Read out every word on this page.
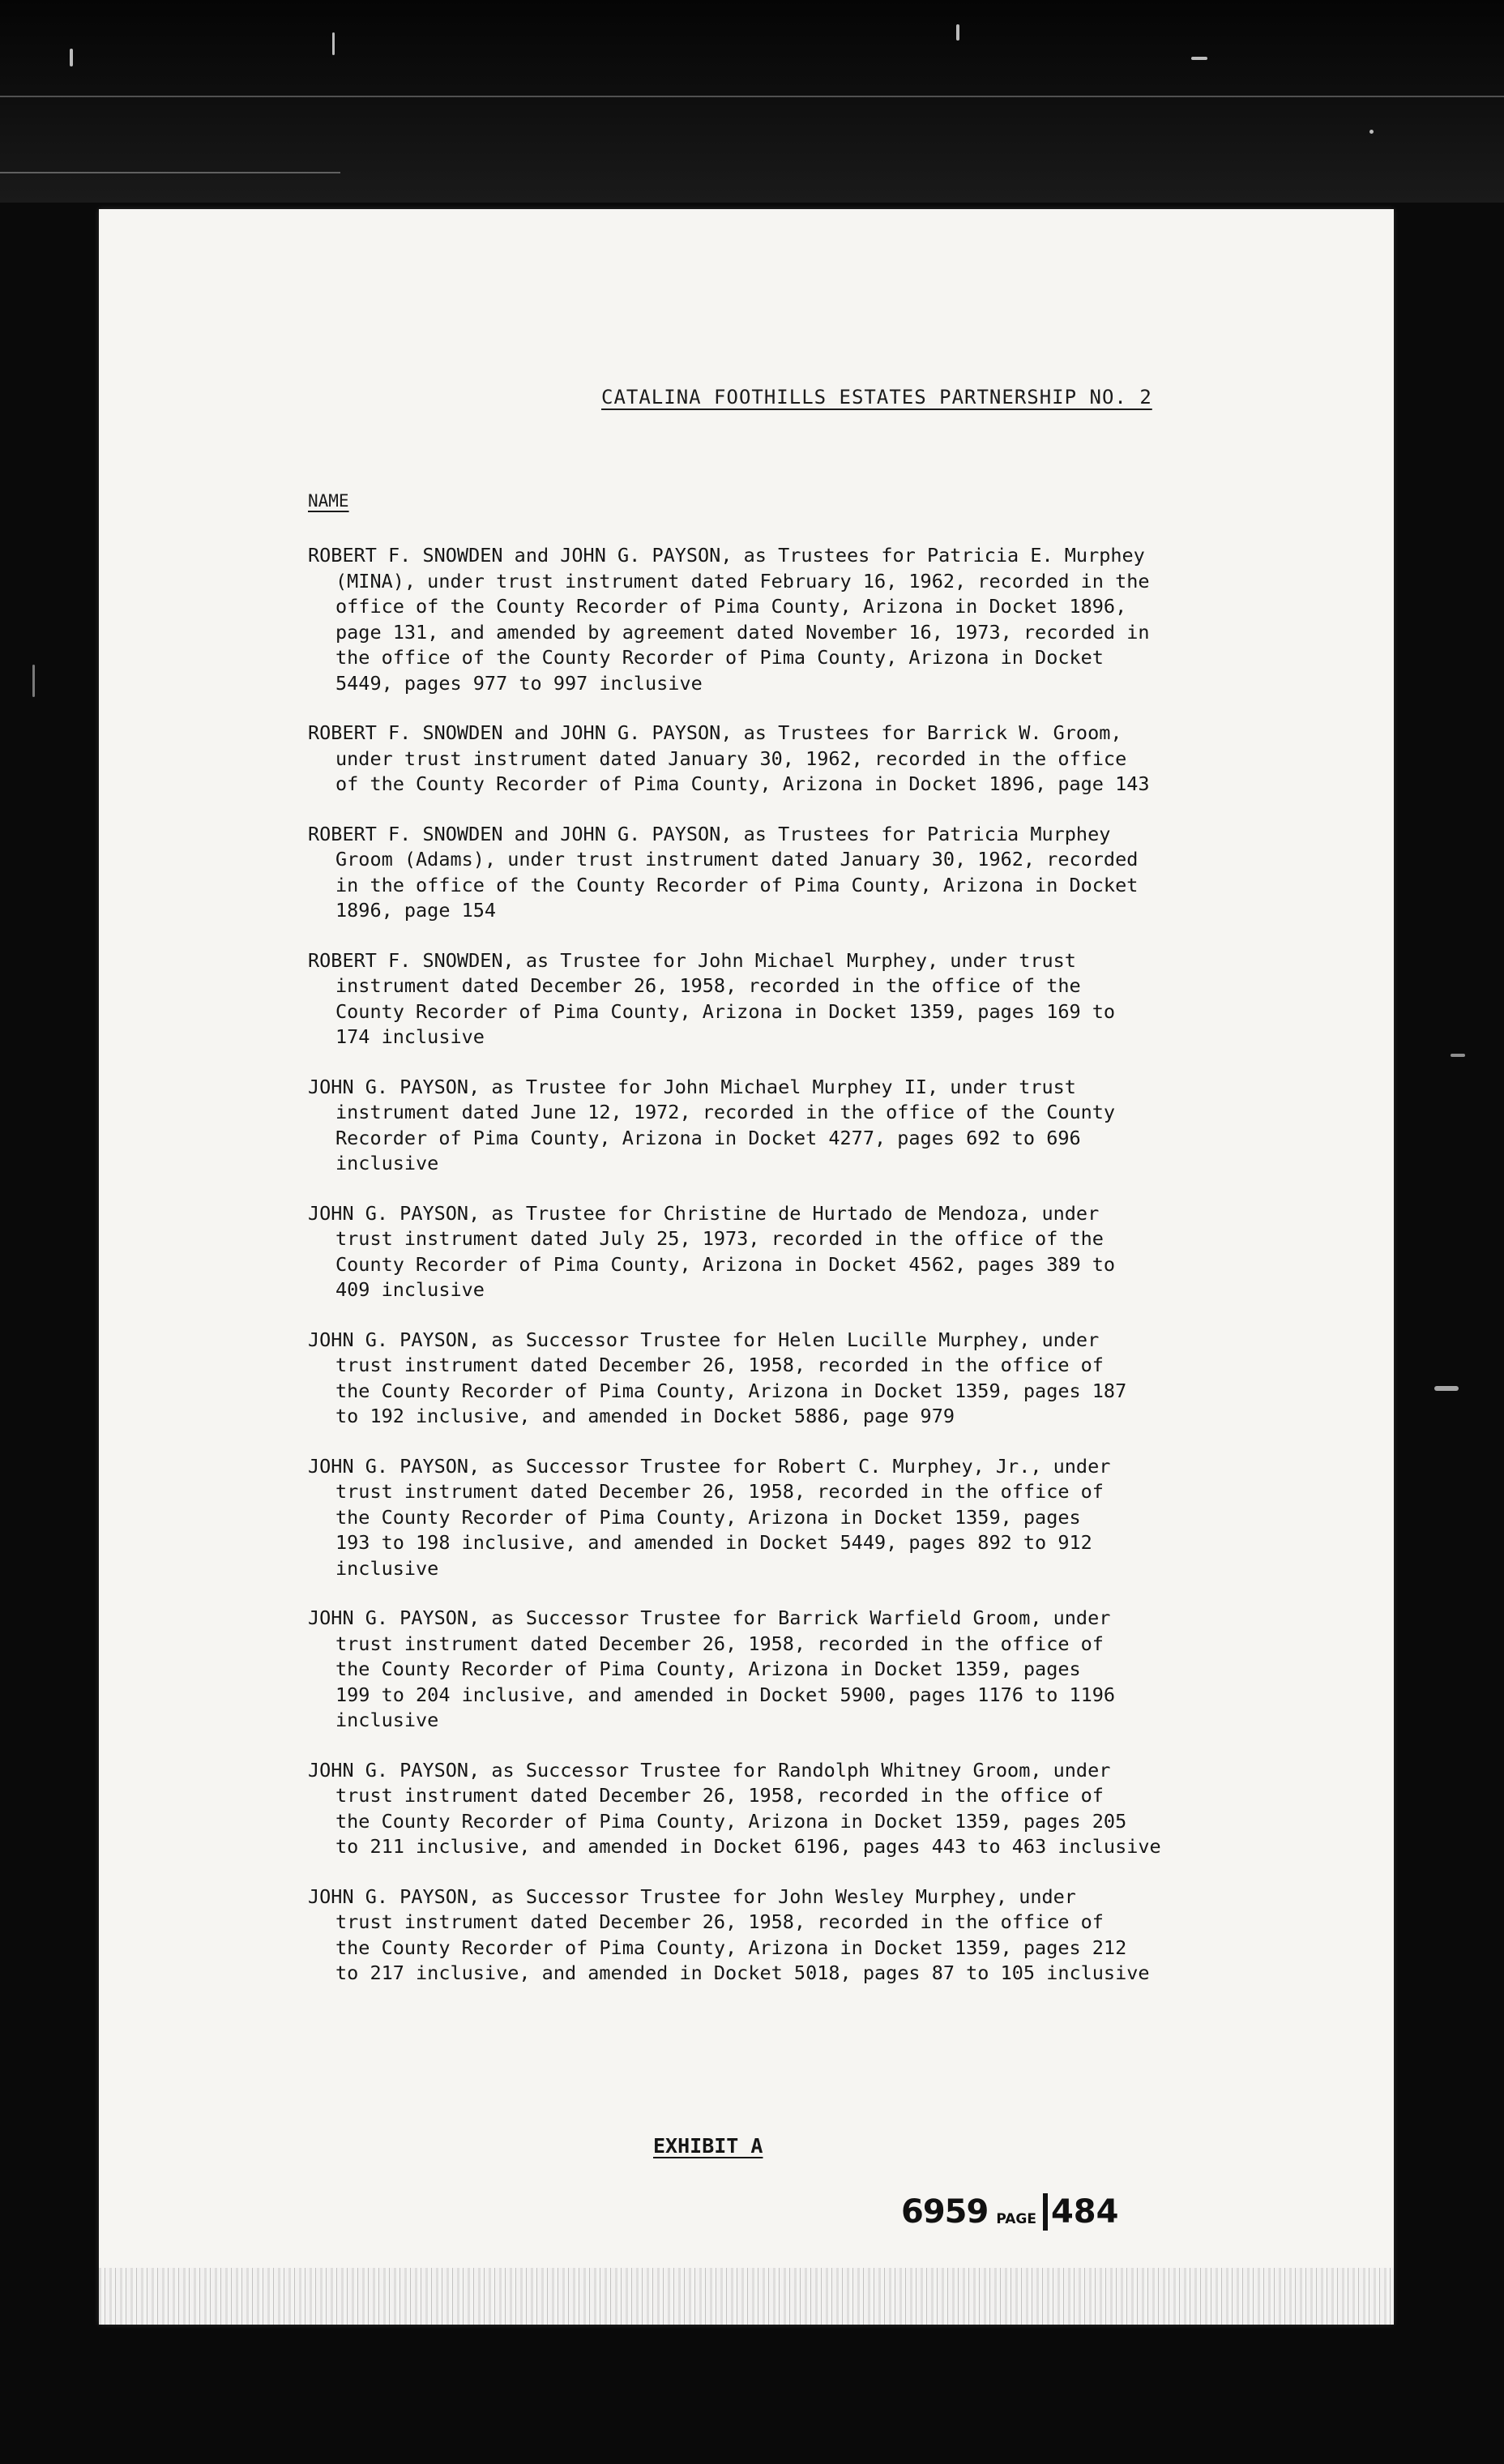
CATALINA FOOTHILLS ESTATES PARTNERSHIP NO. 2
NAME
ROBERT F. SNOWDEN and JOHN G. PAYSON, as Trustees for Patricia E. Murphey
(MINA), under trust instrument dated February 16, 1962, recorded in the
office of the County Recorder of Pima County, Arizona in Docket 1896,
page 131, and amended by agreement dated November 16, 1973, recorded in
the office of the County Recorder of Pima County, Arizona in Docket
5449, pages 977 to 997 inclusive
ROBERT F. SNOWDEN and JOHN G. PAYSON, as Trustees for Barrick W. Groom,
under trust instrument dated January 30, 1962, recorded in the office
of the County Recorder of Pima County, Arizona in Docket 1896, page 143
ROBERT F. SNOWDEN and JOHN G. PAYSON, as Trustees for Patricia Murphey
Groom (Adams), under trust instrument dated January 30, 1962, recorded
in the office of the County Recorder of Pima County, Arizona in Docket
1896, page 154
ROBERT F. SNOWDEN, as Trustee for John Michael Murphey, under trust
instrument dated December 26, 1958, recorded in the office of the
County Recorder of Pima County, Arizona in Docket 1359, pages 169 to
174 inclusive
JOHN G. PAYSON, as Trustee for John Michael Murphey II, under trust
instrument dated June 12, 1972, recorded in the office of the County
Recorder of Pima County, Arizona in Docket 4277, pages 692 to 696
inclusive
JOHN G. PAYSON, as Trustee for Christine de Hurtado de Mendoza, under
trust instrument dated July 25, 1973, recorded in the office of the
County Recorder of Pima County, Arizona in Docket 4562, pages 389 to
409 inclusive
JOHN G. PAYSON, as Successor Trustee for Helen Lucille Murphey, under
trust instrument dated December 26, 1958, recorded in the office of
the County Recorder of Pima County, Arizona in Docket 1359, pages 187
to 192 inclusive, and amended in Docket 5886, page 979
JOHN G. PAYSON, as Successor Trustee for Robert C. Murphey, Jr., under
trust instrument dated December 26, 1958, recorded in the office of
the County Recorder of Pima County, Arizona in Docket 1359, pages
193 to 198 inclusive, and amended in Docket 5449, pages 892 to 912
inclusive
JOHN G. PAYSON, as Successor Trustee for Barrick Warfield Groom, under
trust instrument dated December 26, 1958, recorded in the office of
the County Recorder of Pima County, Arizona in Docket 1359, pages
199 to 204 inclusive, and amended in Docket 5900, pages 1176 to 1196
inclusive
JOHN G. PAYSON, as Successor Trustee for Randolph Whitney Groom, under
trust instrument dated December 26, 1958, recorded in the office of
the County Recorder of Pima County, Arizona in Docket 1359, pages 205
to 211 inclusive, and amended in Docket 6196, pages 443 to 463 inclusive
JOHN G. PAYSON, as Successor Trustee for John Wesley Murphey, under
trust instrument dated December 26, 1958, recorded in the office of
the County Recorder of Pima County, Arizona in Docket 1359, pages 212
to 217 inclusive, and amended in Docket 5018, pages 87 to 105 inclusive
EXHIBIT A
6959 PAGE 484
